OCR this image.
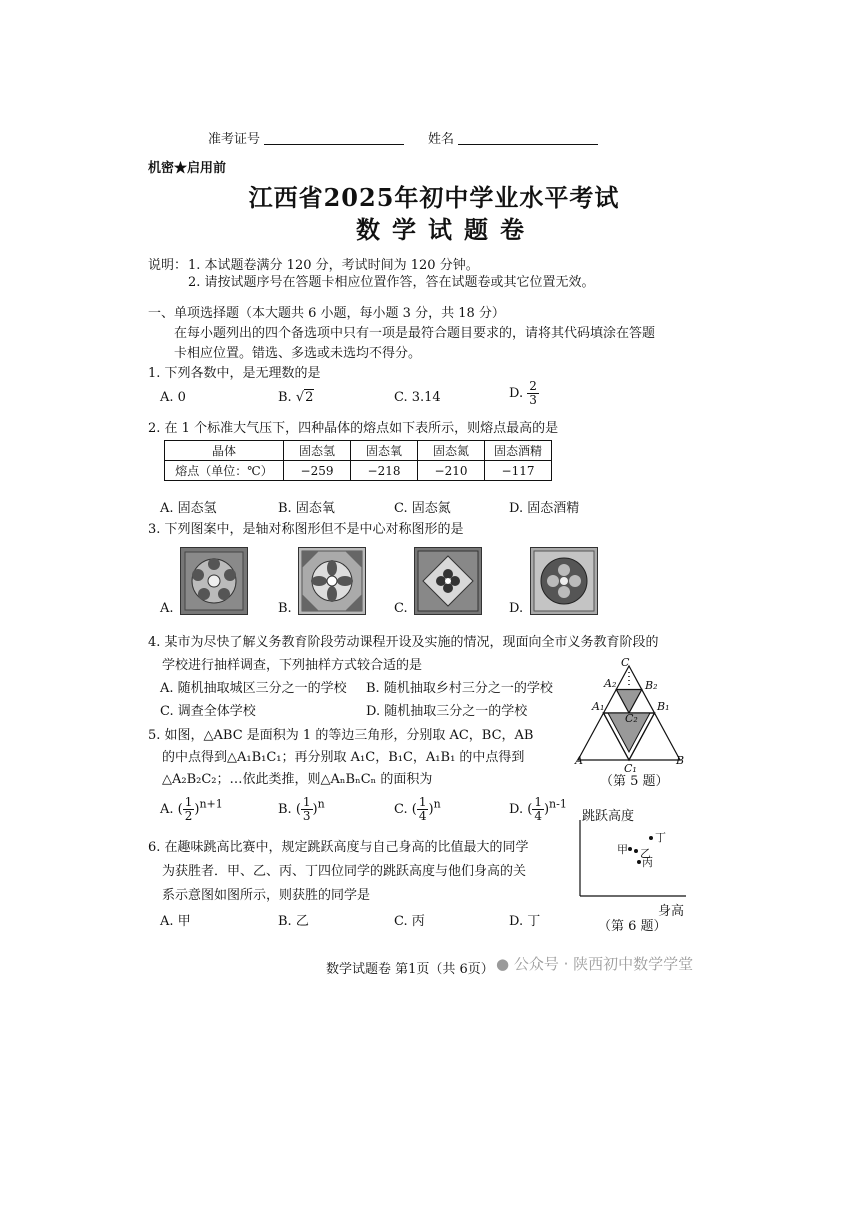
准考证号	姓名
机密★启用前
江西省2025年初中学业水平考试
数学试题卷
说明： 1. 本试题卷满分 120 分，考试时间为 120 分钟。
2. 请按试题序号在答题卡相应位置作答，答在试题卷或其它位置无效。
一、单项选择题（本大题共 6 小题，每小题 3 分，共 18 分）
在每小题列出的四个备选项中只有一项是最符合题目要求的，请将其代码填涂在答题
卡相应位置。错选、多选或未选均不得分。
1. 下列各数中，是无理数的是
A. 0	B. √2	C. 3.14	D. $\frac{2}{3}$
2. 在 1 个标准大气压下，四种晶体的熔点如下表所示，则熔点最高的是
晶体	固态氢	固态氧	固态氮	固态酒精
熔点（单位：℃）	−259	−218	−210	−117
A. 固态氢	B. 固态氧	C. 固态氮	D. 固态酒精
3. 下列图案中，是轴对称图形但不是中心对称图形的是
A.	B.	C.	D.
4. 某市为尽快了解义务教育阶段劳动课程开设及实施的情况，现面向全市义务教育阶段的
学校进行抽样调查，下列抽样方式较合适的是
A. 随机抽取城区三分之一的学校 B. 随机抽取乡村三分之一的学校
C. 调查全体学校	D. 随机抽取三分之一的学校
5. 如图，△ABC 是面积为 1 的等边三角形，分别取 AC，BC，AB
的中点得到△A₁B₁C₁；再分别取 A₁C，B₁C，A₁B₁ 的中点得到
△A₂B₂C₂；…依此类推，则△AₙBₙCₙ 的面积为
A. ( $\frac{1}{2} )^{n+1}$	B. ( $\frac{1}{3} )^n$	C. ( $\frac{1}{4} )^n$	D. ( $\frac{1}{4} )^{n-1}$
C
A₂	B₂
A₁	B₁
C₂
A
C₁
B
（第 5 题）
6. 在趣味跳高比赛中，规定跳跃高度与自己身高的比值最大的同学
为获胜者．甲、乙、丙、丁四位同学的跳跃高度与他们身高的关
系示意图如图所示，则获胜的同学是
A. 甲	B. 乙	C. 丙	D. 丁
跳跃高度
甲
丁
乙
丙
身高
（第 6 题）
数学试题卷 第1页（共 6页） ● 公众号 · 陕西初中数学学堂
